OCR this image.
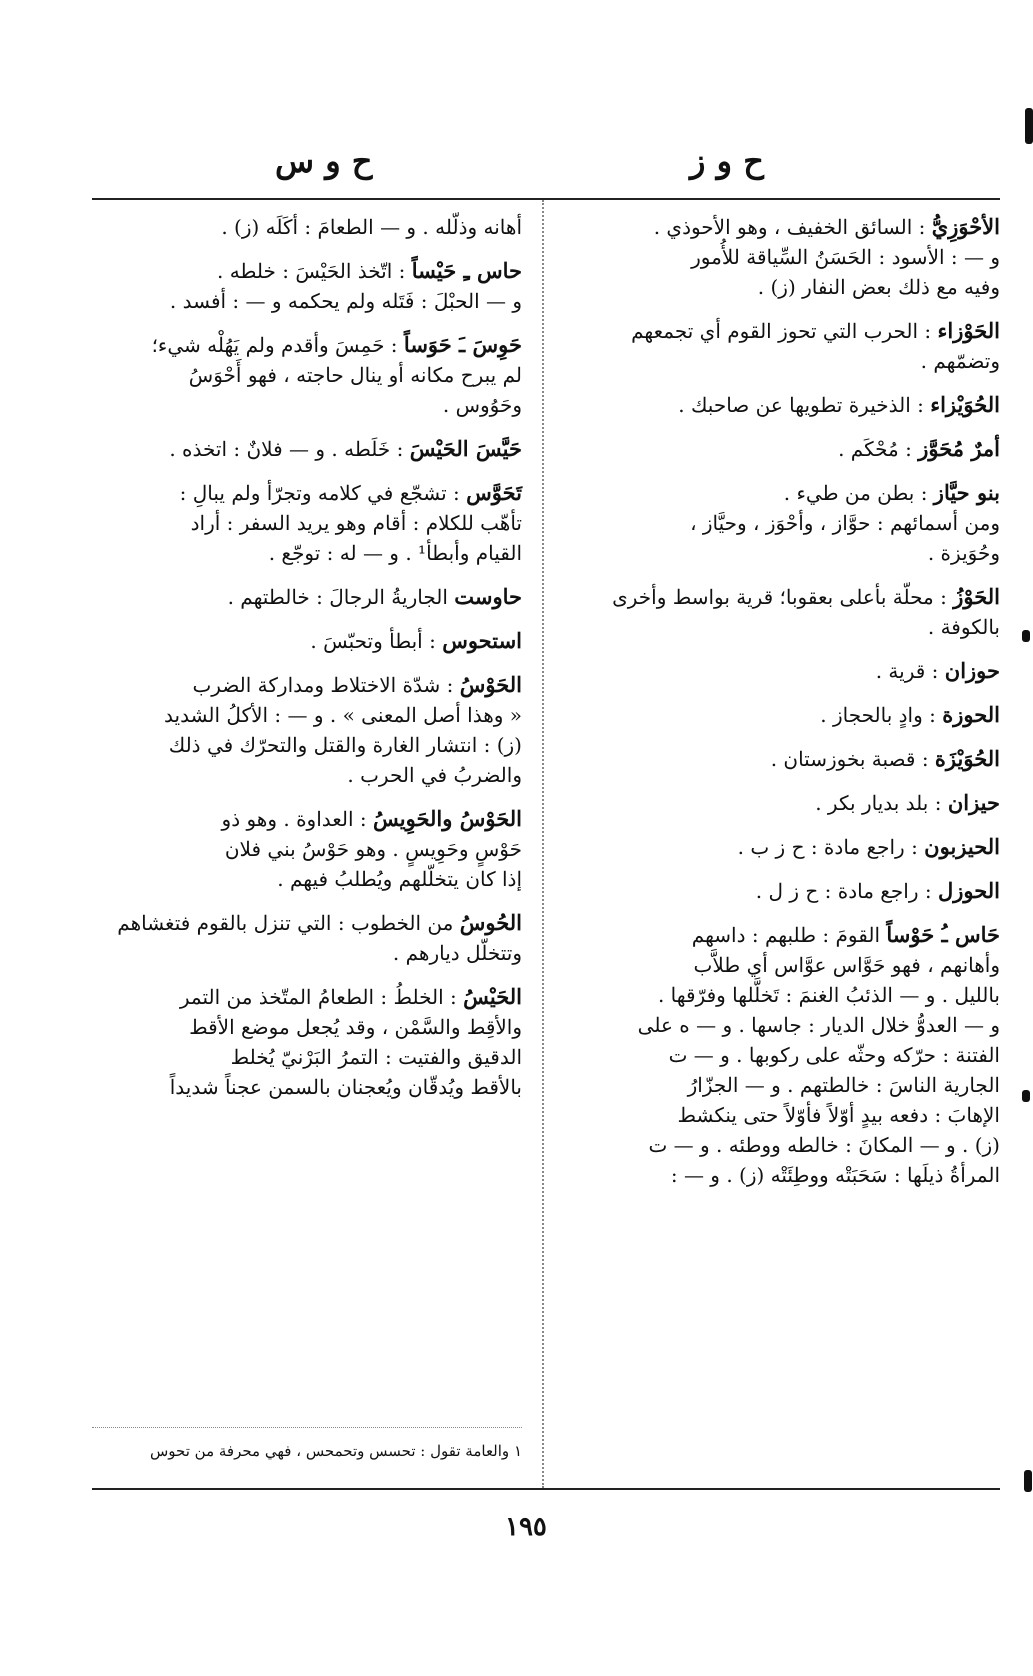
ح و ز
ح و س
الأحْوَزِيُّ : السائق الخفيف ، وهو الأحوذي .
و — : الأسود : الحَسَنُ السِّياقة للأُمور
وفيه مع ذلك بعض النفار (ز) .
الحَوْزاء : الحرب التي تحوز القوم أي تجمعهم
وتضمّهم .
الحُوَيْزاء : الذخيرة تطويها عن صاحبك .
أمرٌ مُحَوَّز : مُحْكَم .
بنو حيَّاز : بطن من طيء .
ومن أسمائهم : حوَّاز ، وأحْوَز ، وحيَّاز ،
وحُوَيزة .
الحَوْزُ : محلّة بأعلى بعقوبا؛ قرية بواسط وأخرى
بالكوفة .
حوزان : قرية .
الحوزة : وادٍ بالحجاز .
الحُوَيْزَة : قصبة بخوزستان .
حيزان : بلد بديار بكر .
الحيزبون : راجع مادة : ح ز ب .
الحوزل : راجع مادة : ح ز ل .
حَاس ـُ حَوْساً القومَ : طلبهم : داسهم
وأهانهم ، فهو حَوَّاس عوَّاس أي طلاَّب
بالليل . و — الذئبُ الغنمَ : تَخلَّلها وفرّقها .
و — العدوُّ خلال الديار : جاسها . و — ه على
الفتنة : حرّكه وحثّه على ركوبها . و — ت
الجارية الناسَ : خالطتهم . و — الجزّارُ
الإهابَ : دفعه بيدٍ أوّلاً فأوّلاً حتى ينكشط
(ز) . و — المكانَ : خالطه ووطئه . و — ت
المرأةُ ذيلَها : سَحَبَتْه ووطِئَتْه (ز) . و — :
أهانه وذلّله . و — الطعامَ : أكَلَه (ز) .
حاس ـِ حَيْساً : اتّخذ الحَيْسَ : خلطه .
و — الحبْلَ : فَتَله ولم يحكمه و — : أفسد .
حَوِسَ ـَ حَوَساً : حَمِسَ وأقدم ولم يَهُلْه شيء؛
لم يبرح مكانه أو ينال حاجته ، فهو أَحْوَسُ
وحَوُوس .
حَيَّسَ الحَيْسَ : خَلَطه . و — فلانٌ : اتخذه .
تَحَوَّس : تشجّع في كلامه وتجرّأ ولم يبالِ :
تأهّب للكلام : أقام وهو يريد السفر : أراد
القيام وأبطأ¹ . و — له : توجّع .
حاوست الجاريةُ الرجالَ : خالطتهم .
استحوس : أبطأ وتحبّسَ .
الحَوْسُ : شدّة الاختلاط ومداركة الضرب
« وهذا أصل المعنى » . و — : الأكلُ الشديد
(ز) : انتشار الغارة والقتل والتحرّك في ذلك
والضربُ في الحرب .
الحَوْسُ والحَوِيسُ : العداوة . وهو ذو
حَوْسٍ وحَوِيسٍ . وهو حَوْسُ بني فلان
إذا كان يتخلّلهم ويُطلبُ فيهم .
الحُوسُ من الخطوب : التي تنزل بالقوم فتغشاهم
وتتخلّل ديارهم .
الحَيْسُ : الخلطُ : الطعامُ المتّخذ من التمر
والأقِط والسَّمْن ، وقد يُجعل موضع الأقط
الدقيق والفتيت : التمرُ البَرْنيّ يُخلط
بالأقط ويُدقّان ويُعجنان بالسمن عجناً شديداً
١ والعامة تقول : تحسس وتحمحس ، فهي محرفة من تحوس
١٩٥
